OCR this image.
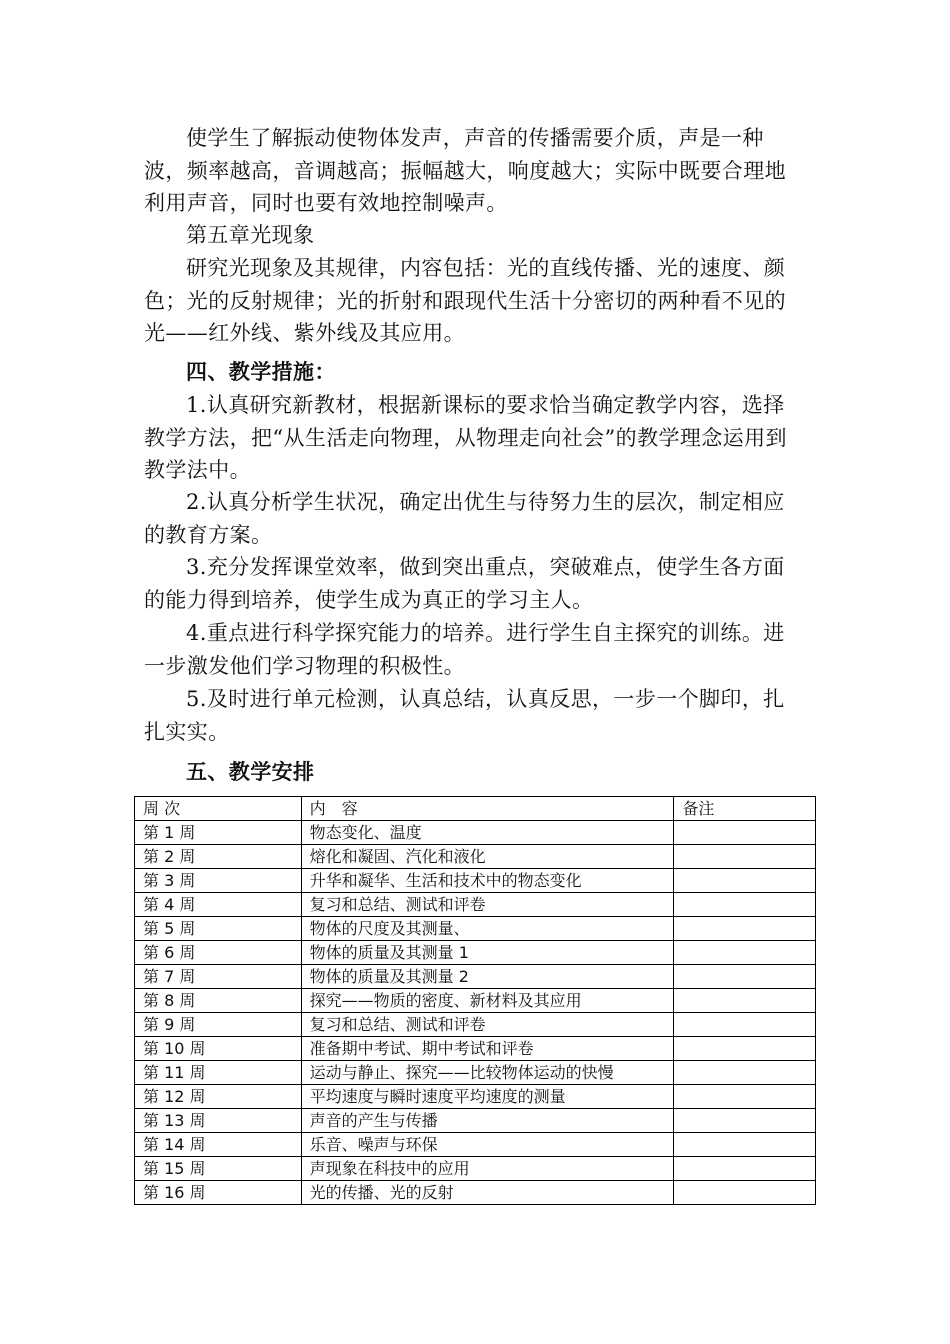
使学生了解振动使物体发声，声音的传播需要介质，声是一种波，频率越高，音调越高；振幅越大，响度越大；实际中既要合理地利用声音，同时也要有效地控制噪声。

第五章光现象

研究光现象及其规律，内容包括：光的直线传播、光的速度、颜色；光的反射规律；光的折射和跟现代生活十分密切的两种看不见的光——红外线、紫外线及其应用。

四、教学措施：

1.认真研究新教材，根据新课标的要求恰当确定教学内容，选择教学方法，把“从生活走向物理，从物理走向社会”的教学理念运用到教学法中。

2.认真分析学生状况，确定出优生与待努力生的层次，制定相应的教育方案。

3.充分发挥课堂效率，做到突出重点，突破难点，使学生各方面的能力得到培养，使学生成为真正的学习主人。

4.重点进行科学探究能力的培养。进行学生自主探究的训练。进一步激发他们学习物理的积极性。

5.及时进行单元检测，认真总结，认真反思，一步一个脚印，扎扎实实。

五、教学安排

周 次	内　容	备注
第 1 周	物态变化、温度	
第 2 周	熔化和凝固、汽化和液化	
第 3 周	升华和凝华、生活和技术中的物态变化	
第 4 周	复习和总结、测试和评卷	
第 5 周	物体的尺度及其测量、	
第 6 周	物体的质量及其测量 1	
第 7 周	物体的质量及其测量 2	
第 8 周	探究——物质的密度、新材料及其应用	
第 9 周	复习和总结、测试和评卷	
第 10 周	准备期中考试、期中考试和评卷	
第 11 周	运动与静止、探究——比较物体运动的快慢	
第 12 周	平均速度与瞬时速度平均速度的测量	
第 13 周	声音的产生与传播	
第 14 周	乐音、噪声与环保	
第 15 周	声现象在科技中的应用	
第 16 周	光的传播、光的反射	
